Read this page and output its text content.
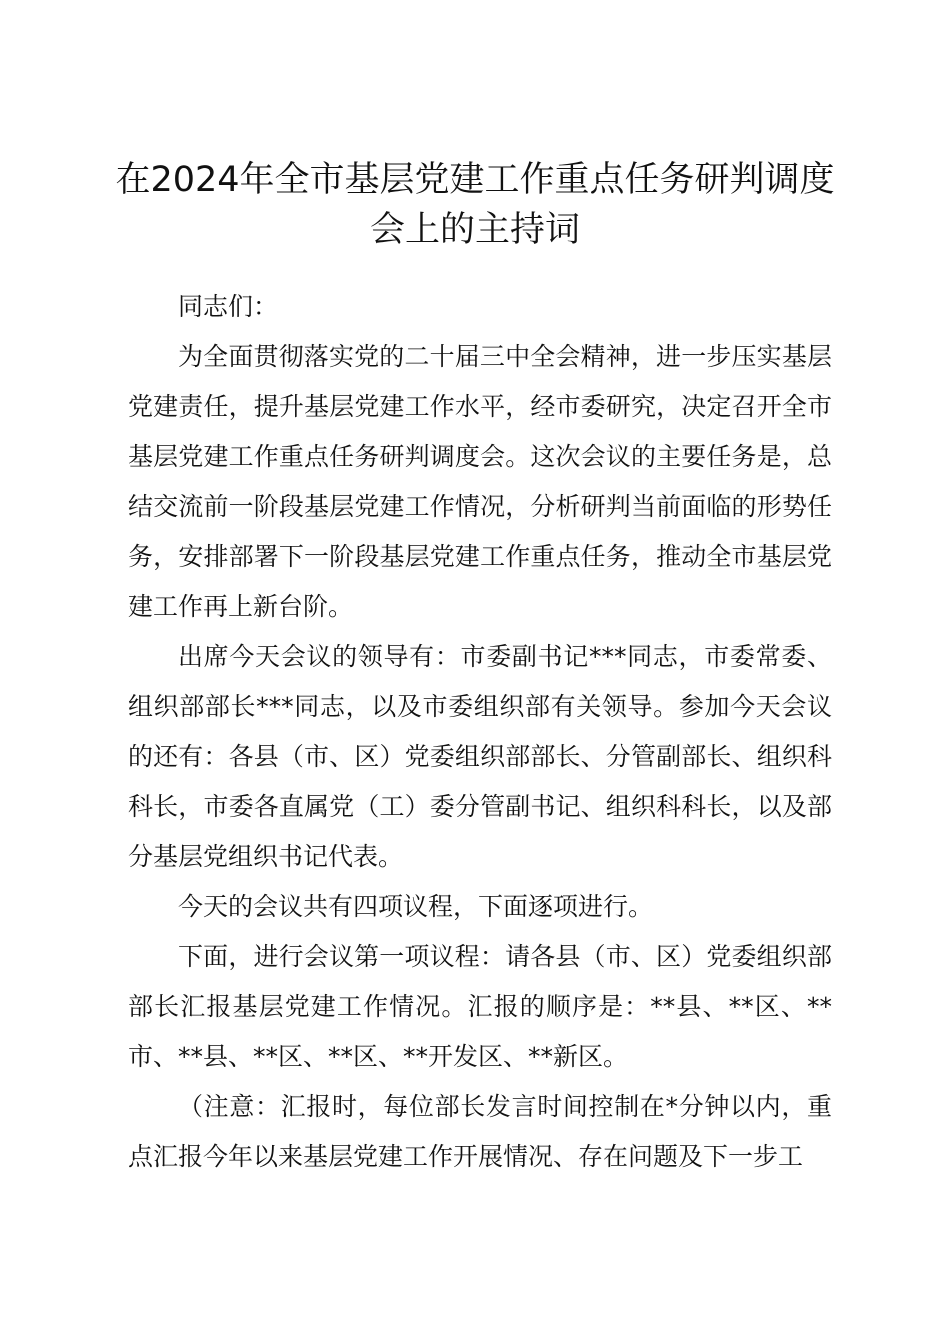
在2024年全市基层党建工作重点任务研判调度会上的主持词

同志们：

为全面贯彻落实党的二十届三中全会精神，进一步压实基层党建责任，提升基层党建工作水平，经市委研究，决定召开全市基层党建工作重点任务研判调度会。这次会议的主要任务是，总结交流前一阶段基层党建工作情况，分析研判当前面临的形势任务，安排部署下一阶段基层党建工作重点任务，推动全市基层党建工作再上新台阶。

出席今天会议的领导有：市委副书记***同志，市委常委、组织部部长***同志，以及市委组织部有关领导。参加今天会议的还有：各县（市、区）党委组织部部长、分管副部长、组织科科长，市委各直属党（工）委分管副书记、组织科科长，以及部分基层党组织书记代表。

今天的会议共有四项议程，下面逐项进行。

下面，进行会议第一项议程：请各县（市、区）党委组织部部长汇报基层党建工作情况。汇报的顺序是：**县、**区、**市、**县、**区、**区、**开发区、**新区。

（注意：汇报时，每位部长发言时间控制在*分钟以内，重点汇报今年以来基层党建工作开展情况、存在问题及下一步工
